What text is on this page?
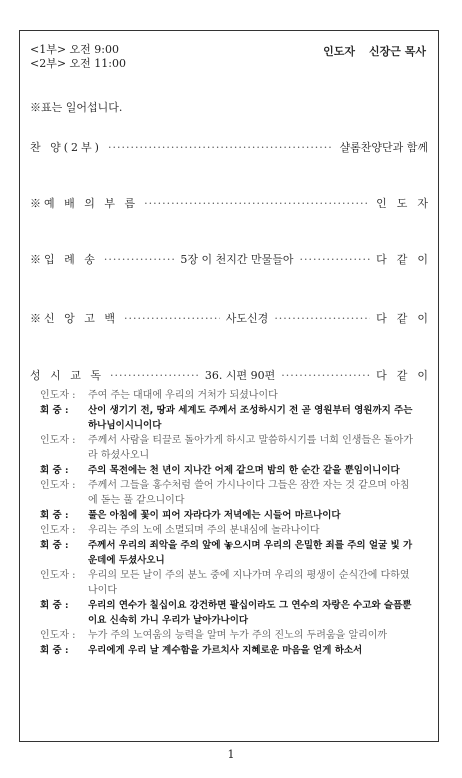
<1부> 오전 9:00
<2부> 오전 11:00
인도자 신장근 목사
※표는 일어섭니다.
찬 양(2부) ·····	샬롬찬양단과 함께
※예 배 의 부 름 ·····	인도자
※입 례 송 ·····	5장 이 천지간 만물들아 ·····	다같이
※신 앙 고 백 ·····	사도신경 ·····	다같이
성 시 교 독 ·····	36. 시편 90편 ·····	다같이
인도자 :	주여 주는 대대에 우리의 거처가 되셨나이다
회 중 :	산이 생기기 전, 땅과 세계도 주께서 조성하시기 전 곧 영원부터 영원까지 주는 하나님이시니이다
인도자 :	주께서 사람을 티끌로 돌아가게 하시고 말씀하시기를 너희 인생들은 돌아가라 하셨사오니
회 중 :	주의 목전에는 천 년이 지나간 어제 같으며 밤의 한 순간 같을 뿐임이니이다
인도자 :	주께서 그들을 홍수처럼 쓸어 가시나이다 그들은 잠깐 자는 것 같으며 아침에 돋는 풀 같으니이다
회 중 :	풀은 아침에 꽃이 피어 자라다가 저녁에는 시들어 마르나이다
인도자 :	우리는 주의 노에 소멸되며 주의 분내심에 놀라나이다
회 중 :	주께서 우리의 죄악을 주의 앞에 놓으시며 우리의 은밀한 죄를 주의 얼굴 빛 가운데에 두셨사오니
인도자 :	우리의 모든 날이 주의 분노 중에 지나가며 우리의 평생이 순식간에 다하였나이다
회 중 :	우리의 연수가 칠십이요 강건하면 팔십이라도 그 연수의 자랑은 수고와 슬픔뿐이요 신속히 가니 우리가 날아가나이다
인도자 :	누가 주의 노여움의 능력을 알며 누가 주의 진노의 두려움을 알리이까
회 중 :	우리에게 우리 날 계수함을 가르치사 지혜로운 마음을 얻게 하소서
1
